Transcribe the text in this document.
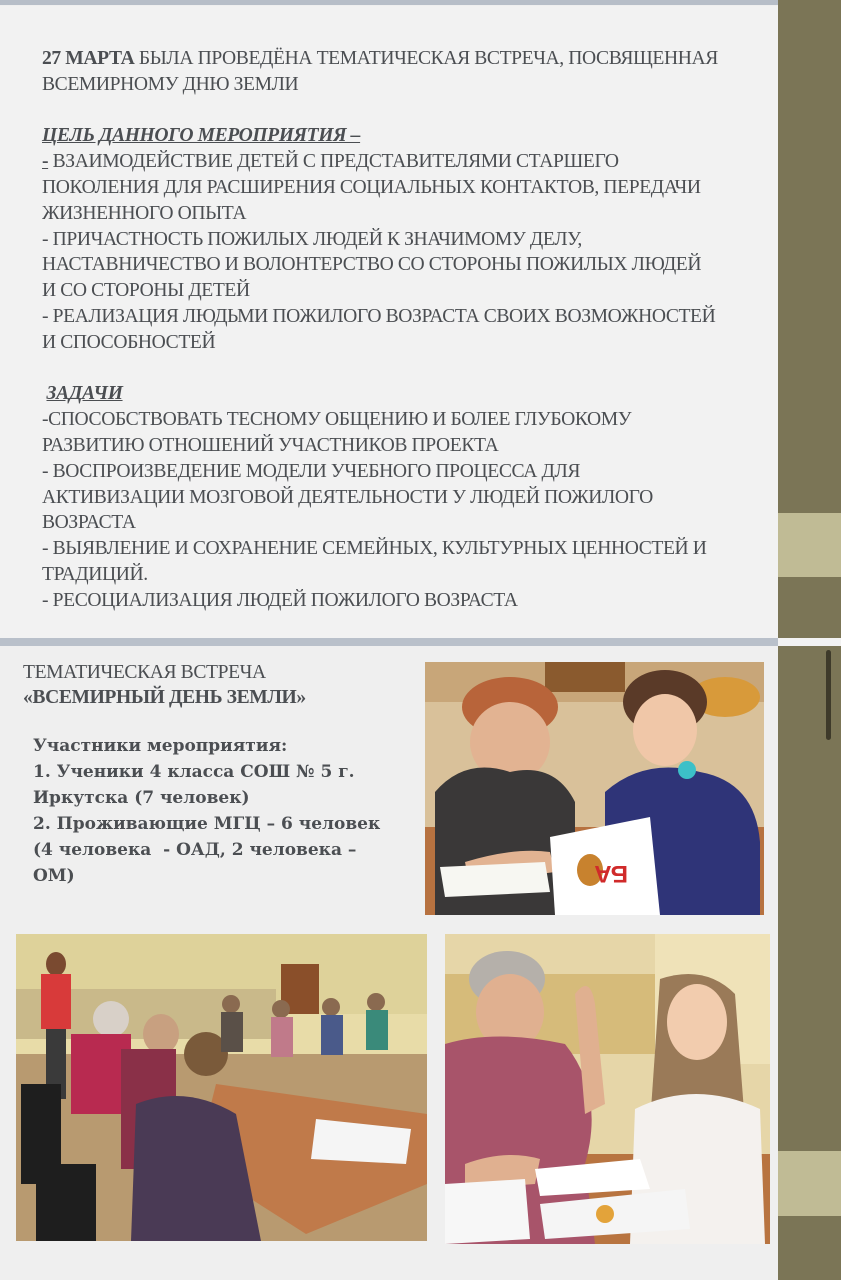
27 МАРТА БЫЛА ПРОВЕДЁНА ТЕМАТИЧЕСКАЯ ВСТРЕЧА, ПОСВЯЩЕННАЯ

ВСЕМИРНОМУ ДНЮ ЗЕМЛИ

ЦЕЛЬ ДАННОГО МЕРОПРИЯТИЯ –

- ВЗАИМОДЕЙСТВИЕ ДЕТЕЙ С ПРЕДСТАВИТЕЛЯМИ СТАРШЕГО

ПОКОЛЕНИЯ ДЛЯ РАСШИРЕНИЯ СОЦИАЛЬНЫХ КОНТАКТОВ, ПЕРЕДАЧИ

ЖИЗНЕННОГО ОПЫТА

- ПРИЧАСТНОСТЬ ПОЖИЛЫХ ЛЮДЕЙ К ЗНАЧИМОМУ ДЕЛУ,

НАСТАВНИЧЕСТВО И ВОЛОНТЕРСТВО СО СТОРОНЫ ПОЖИЛЫХ ЛЮДЕЙ

И СО СТОРОНЫ ДЕТЕЙ

- РЕАЛИЗАЦИЯ ЛЮДЬМИ ПОЖИЛОГО ВОЗРАСТА СВОИХ ВОЗМОЖНОСТЕЙ

И СПОСОБНОСТЕЙ

ЗАДАЧИ

-СПОСОБСТВОВАТЬ ТЕСНОМУ ОБЩЕНИЮ И БОЛЕЕ ГЛУБОКОМУ

РАЗВИТИЮ ОТНОШЕНИЙ УЧАСТНИКОВ ПРОЕКТА

- ВОСПРОИЗВЕДЕНИЕ МОДЕЛИ УЧЕБНОГО ПРОЦЕССА ДЛЯ

АКТИВИЗАЦИИ МОЗГОВОЙ ДЕЯТЕЛЬНОСТИ У ЛЮДЕЙ ПОЖИЛОГО

ВОЗРАСТА

- ВЫЯВЛЕНИЕ И СОХРАНЕНИЕ СЕМЕЙНЫХ, КУЛЬТУРНЫХ ЦЕННОСТЕЙ И

ТРАДИЦИЙ.

- РЕСОЦИАЛИЗАЦИЯ ЛЮДЕЙ ПОЖИЛОГО ВОЗРАСТА

ТЕМАТИЧЕСКАЯ ВСТРЕЧА
«ВСЕМИРНЫЙ ДЕНЬ ЗЕМЛИ»
Участники мероприятия:
1. Ученики 4 класса СОШ № 5 г.
Иркутска (7 человек)
2. Проживающие МГЦ – 6 человек
(4 человека  - ОАД, 2 человека –
ОМ)	БА
